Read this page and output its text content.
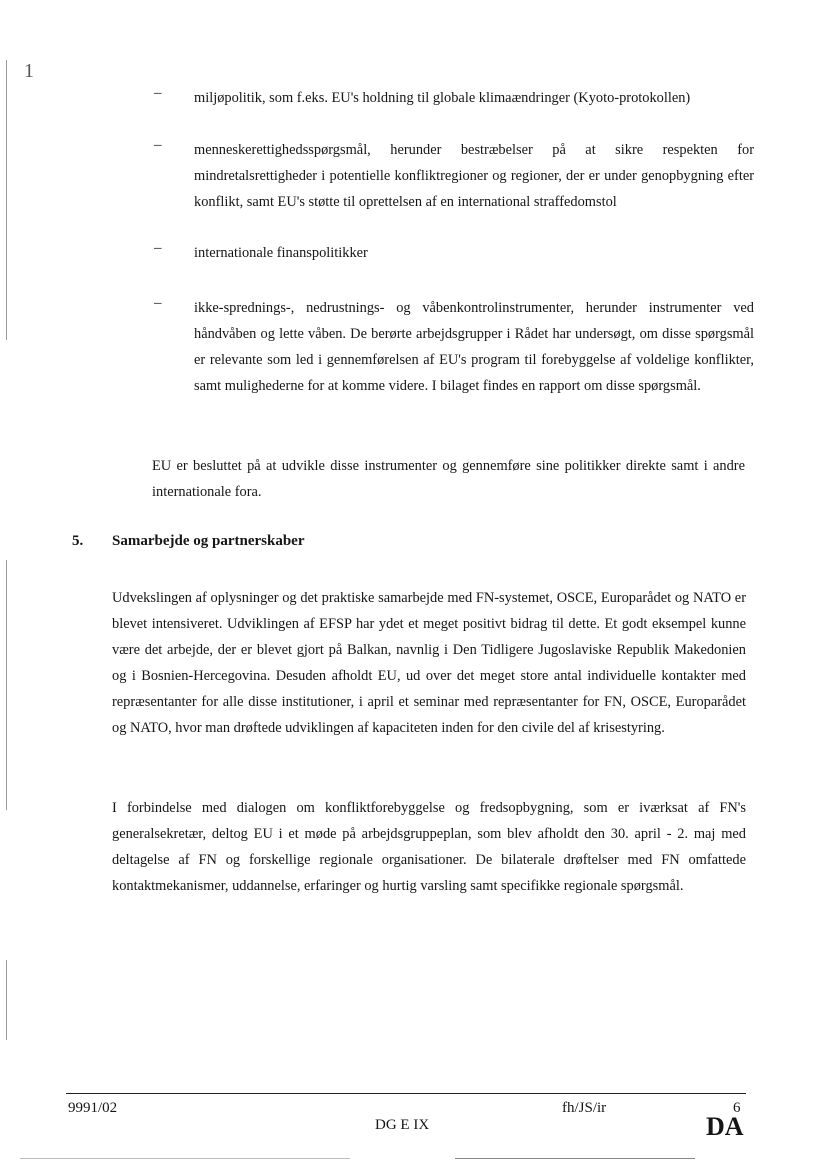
1
– miljøpolitik, som f.eks. EU's holdning til globale klimaændringer (Kyoto-protokollen)
– menneskerettighedsspørgsmål, herunder bestræbelser på at sikre respekten for mindretalsrettigheder i potentielle konfliktregioner og regioner, der er under genopbygning efter konflikt, samt EU's støtte til oprettelsen af en international straffedomstol
– internationale finanspolitikker
– ikke-sprednings-, nedrustnings- og våbenkontrolinstrumenter, herunder instrumenter ved håndvåben og lette våben. De berørte arbejdsgrupper i Rådet har undersøgt, om disse spørgsmål er relevante som led i gennemførelsen af EU's program til forebyggelse af voldelige konflikter, samt mulighederne for at komme videre. I bilaget findes en rapport om disse spørgsmål.
EU er besluttet på at udvikle disse instrumenter og gennemføre sine politikker direkte samt i andre internationale fora.
5. Samarbejde og partnerskaber
Udvekslingen af oplysninger og det praktiske samarbejde med FN-systemet, OSCE, Europarådet og NATO er blevet intensiveret. Udviklingen af EFSP har ydet et meget positivt bidrag til dette. Et godt eksempel kunne være det arbejde, der er blevet gjort på Balkan, navnlig i Den Tidligere Jugoslaviske Republik Makedonien og i Bosnien-Hercegovina. Desuden afholdt EU, ud over det meget store antal individuelle kontakter med repræsentanter for alle disse institutioner, i april et seminar med repræsentanter for FN, OSCE, Europarådet og NATO, hvor man drøftede udviklingen af kapaciteten inden for den civile del af krisestyring.
I forbindelse med dialogen om konfliktforebyggelse og fredsopbygning, som er iværksat af FN's generalsekretær, deltog EU i et møde på arbejdsgruppeplan, som blev afholdt den 30. april - 2. maj med deltagelse af FN og forskellige regionale organisationer. De bilaterale drøftelser med FN omfattede kontaktmekanismer, uddannelse, erfaringer og hurtig varsling samt specifikke regionale spørgsmål.
9991/02
DG E IX
fh/JS/ir	6
DA
